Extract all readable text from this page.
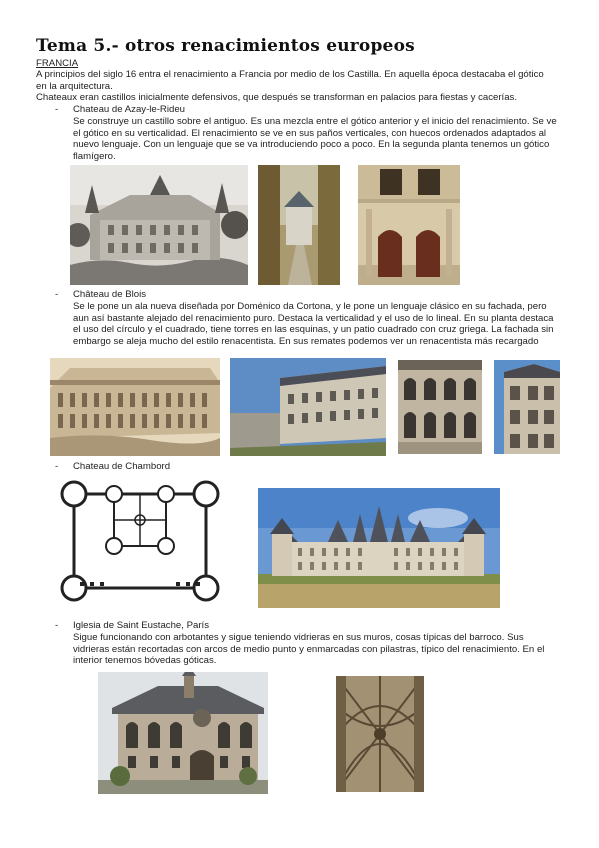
Tema 5.- otros renacimientos europeos
FRANCIA

A principios del siglo 16 entra el renacimiento a Francia por medio de los Castilla. En aquella época destacaba el gótico en la arquitectura.

Chateaux eran castillos inicialmente defensivos, que después se transforman en palacios para fiestas y cacerías.

- Chateau de Azay-le-Rideu
Se construye un castillo sobre el antiguo. Es una mezcla entre el gótico anterior y el inicio del renacimiento. Se ve el gótico en su verticalidad. El renacimiento se ve en sus paños verticales, con huecos ordenados adaptados al nuevo lenguaje. Con un lenguaje que se va introduciendo poco a poco. En la segunda planta tenemos un gótico flamígero.
- Château de Blois
Se le pone un ala nueva diseñada por Doménico da Cortona, y le pone un lenguaje clásico en su fachada, pero aun así bastante alejado del renacimiento puro. Destaca la verticalidad y el uso de lo lineal. En su planta destaca el uso del círculo y el cuadrado, tiene torres en las esquinas, y un patio cuadrado con cruz griega. La fachada sin embargo se aleja mucho del estilo renacentista. En sus remates podemos ver un renacentista más recargado
- Chateau de Chambord
- Iglesia de Saint Eustache, París
Sigue funcionando con arbotantes y sigue teniendo vidrieras en sus muros, cosas típicas del barroco. Sus vidrieras están recortadas con arcos de medio punto y enmarcadas con pilastras, típico del renacimiento. En el interior tenemos bóvedas góticas.
